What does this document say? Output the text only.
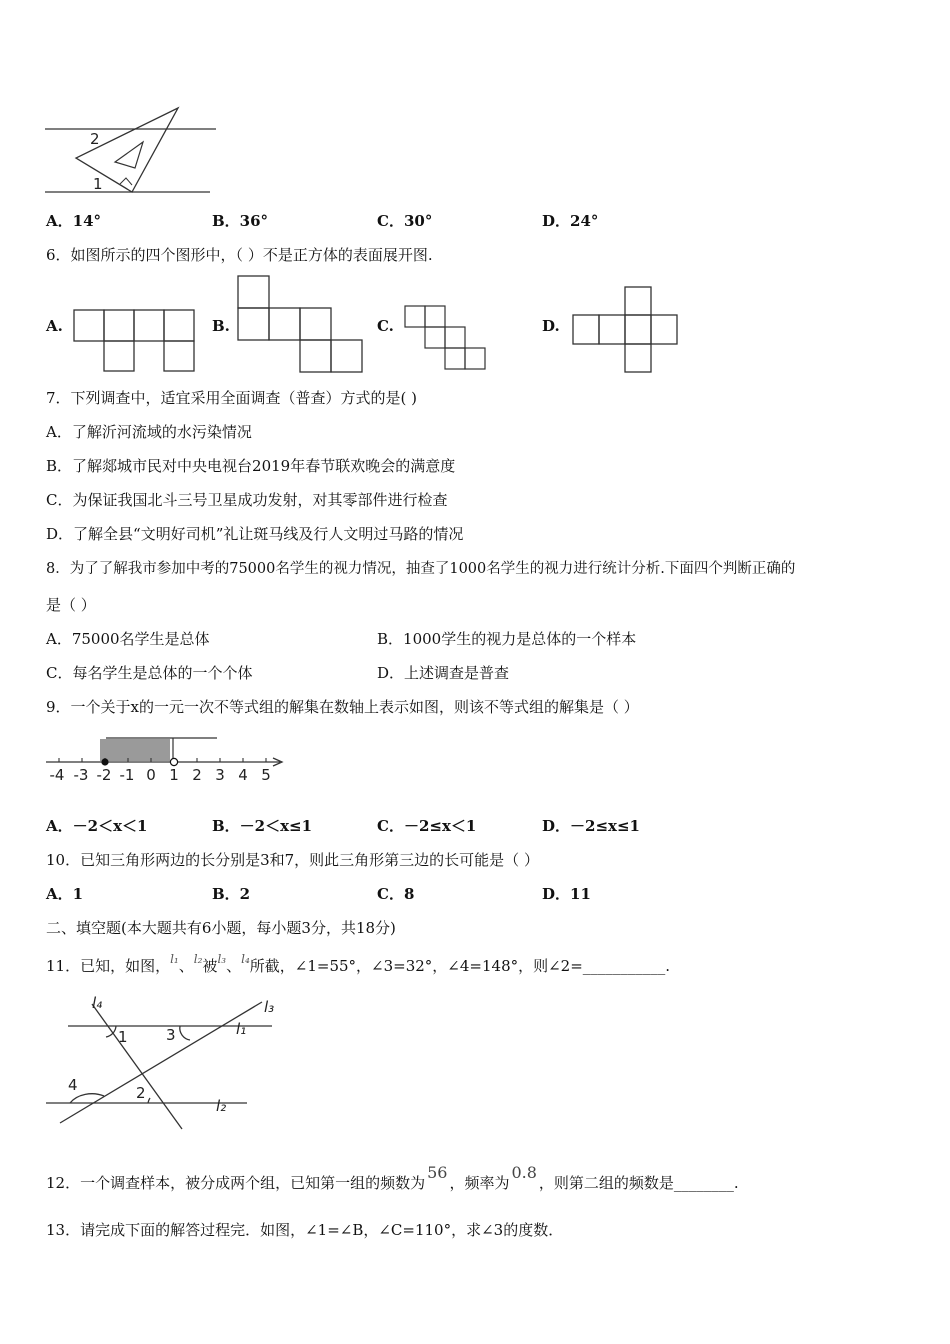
2
1
A．14°	B．36°	C．30°	D．24°
6．如图所示的四个图形中，（ ）不是正方体的表面展开图.
A.	B.	C.	D.
7．下列调查中，适宜采用全面调查（普查）方式的是( )
A．了解沂河流域的水污染情况
B．了解郯城市民对中央电视台2019年春节联欢晚会的满意度
C．为保证我国北斗三号卫星成功发射，对其零部件进行检查
D．了解全县“文明好司机”礼让斑马线及行人文明过马路的情况
8．为了了解我市参加中考的75000名学生的视力情况，抽查了1000名学生的视力进行统计分析.下面四个判断正确的
是（ ）
A．75000名学生是总体	B．1000学生的视力是总体的一个样本
C．每名学生是总体的一个个体	D．上述调查是普查
9．一个关于x的一元一次不等式组的解集在数轴上表示如图，则该不等式组的解集是（ ）
-4 -3 -2 -1 0 1 2 3 4 5
A．－2＜x＜1	B．－2＜x≤1	C．－2≤x＜1	D．－2≤x≤1
10．已知三角形两边的长分别是3和7，则此三角形第三边的长可能是（ ）
A．1	B．2	C．8	D．11
二、填空题(本大题共有6小题，每小题3分，共18分)
11．已知，如图，$^{l_1}$、$^{l_2}$被$^{l_3}$、$^{l_4}$所截，∠1=55°，∠3=32°，∠4=148°，则∠2=___________.
l₄	l₃
l₁
l₂
1	3
4	2
12．一个调查样本，被分成两个组，已知第一组的频数为56，频率为0.8，则第二组的频数是________.
13．请完成下面的解答过程完．如图，∠1=∠B，∠C=110°，求∠3的度数．
